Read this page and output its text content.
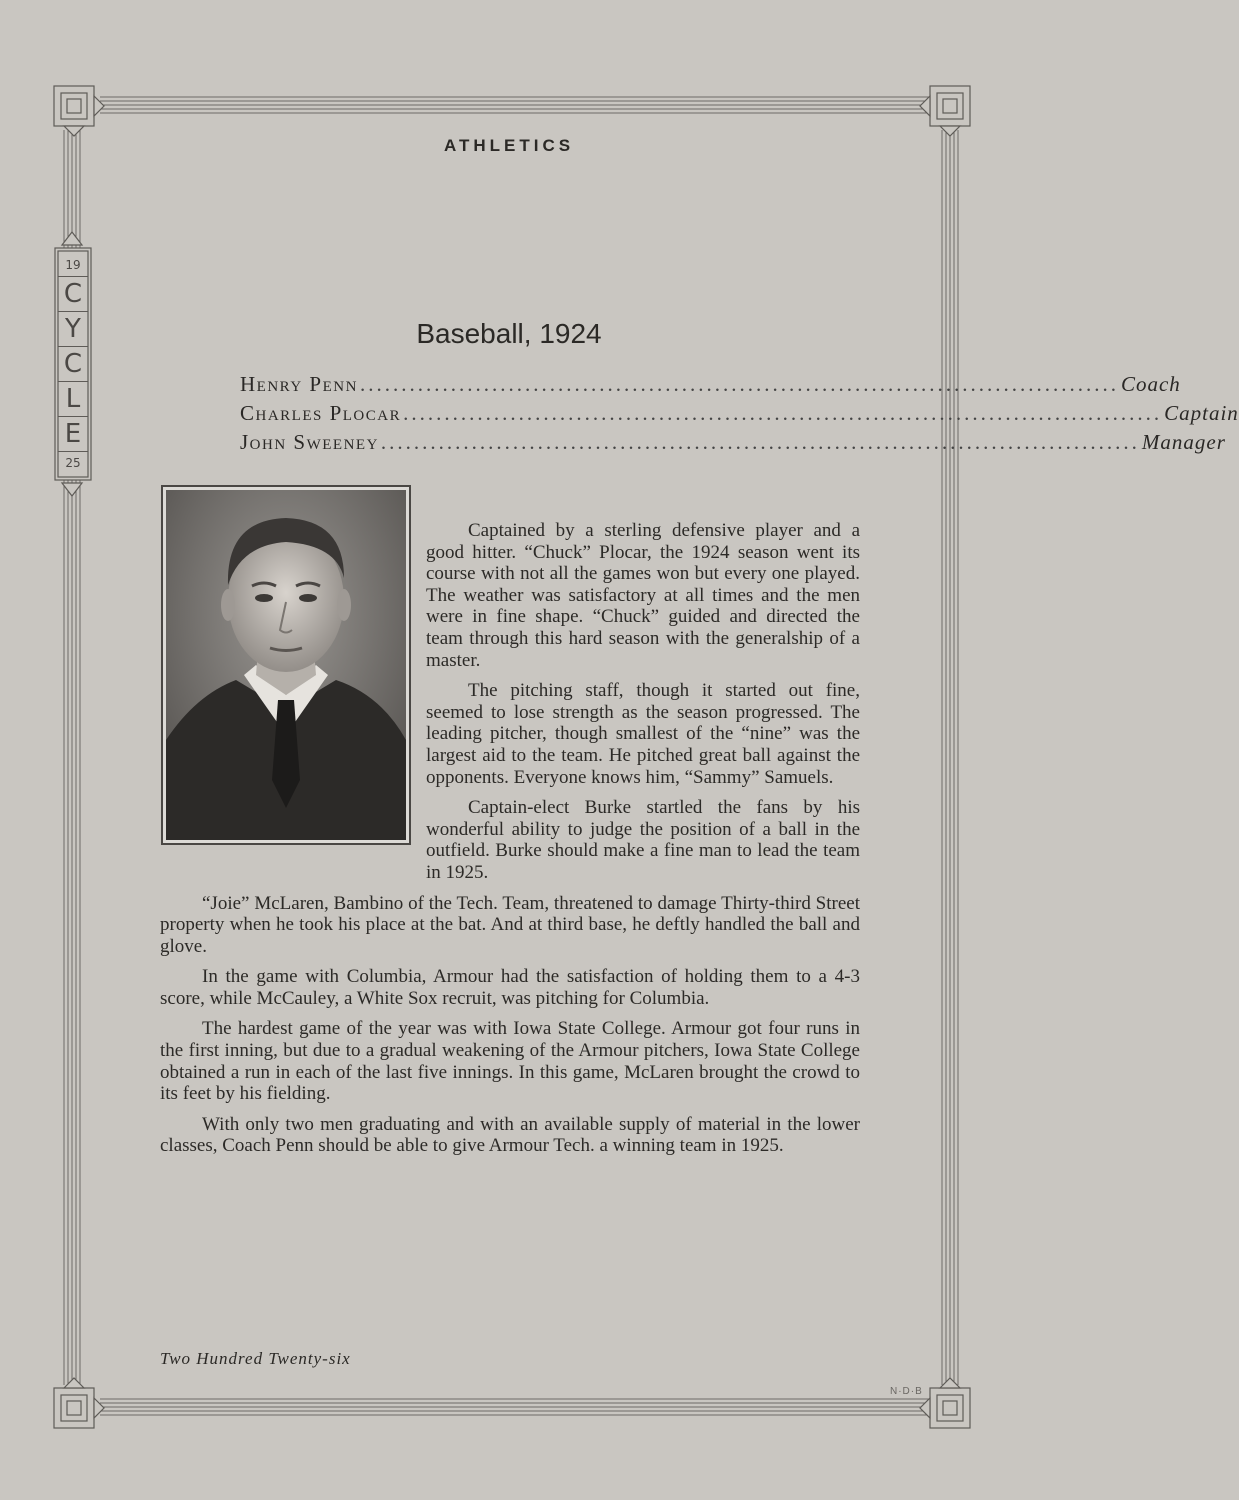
19
C
Y
C
L
E
25
ATHLETICS
Baseball, 1924
Henry Penn ............................................................................................ Coach
Charles Plocar ............................................................................................ Captain
John Sweeney ............................................................................................ Manager

Captained by a sterling defensive player and a good hitter. “Chuck” Plocar, the 1924 season went its course with not all the games won but every one played. The weather was satisfactory at all times and the men were in fine shape. “Chuck” guided and directed the team through this hard season with the generalship of a master.

The pitching staff, though it started out fine, seemed to lose strength as the season progressed. The leading pitcher, though smallest of the “nine” was the largest aid to the team. He pitched great ball against the opponents. Everyone knows him, “Sammy” Samuels.

Captain-elect Burke startled the fans by his wonderful ability to judge the position of a ball in the outfield. Burke should make a fine man to lead the team in 1925.

“Joie” McLaren, Bambino of the Tech. Team, threatened to damage Thirty-third Street property when he took his place at the bat. And at third base, he deftly handled the ball and glove.

In the game with Columbia, Armour had the satisfaction of holding them to a 4-3 score, while McCauley, a White Sox recruit, was pitching for Columbia.

The hardest game of the year was with Iowa State College. Armour got four runs in the first inning, but due to a gradual weakening of the Armour pitchers, Iowa State College obtained a run in each of the last five innings. In this game, McLaren brought the crowd to its feet by his fielding.

With only two men graduating and with an available supply of material in the lower classes, Coach Penn should be able to give Armour Tech. a winning team in 1925.

Two Hundred Twenty-six
N·D·B
